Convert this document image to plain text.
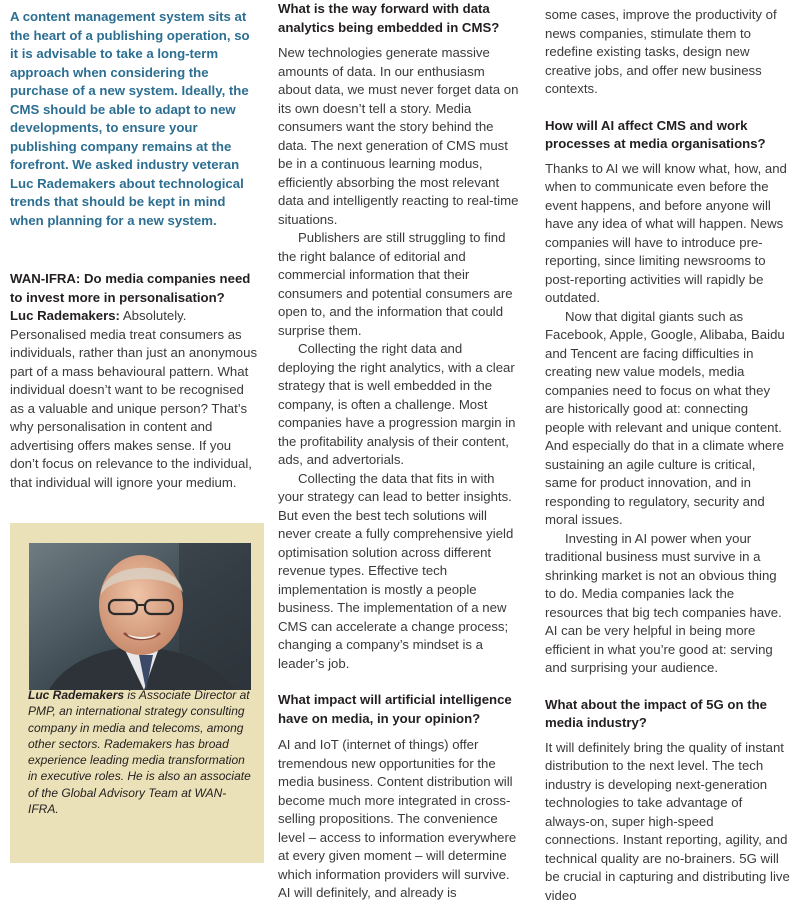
A content management system sits at the heart of a publishing operation, so it is advisable to take a long-term approach when considering the purchase of a new system. Ideally, the CMS should be able to adapt to new developments, to ensure your publishing company remains at the forefront. We asked industry veteran Luc Rademakers about technological trends that should be kept in mind when planning for a new system.
WAN-IFRA: Do media companies need to invest more in personalisation?

Luc Rademakers: Absolutely. Personalised media treat consumers as individuals, rather than just an anonymous part of a mass behavioural pattern. What individual doesn’t want to be recognised as a valuable and unique person? That’s why personalisation in content and advertising offers makes sense. If you don’t focus on relevance to the individual, that individual will ignore your medium.

Luc Rademakers is Associate Director at PMP, an international strategy consulting company in media and telecoms, among other sectors. Rademakers has broad experience leading media transformation in executive roles. He is also an associate of the Global Advisory Team at WAN-IFRA.
What is the way forward with data analytics being embedded in CMS?

New technologies generate massive amounts of data. In our enthusiasm about data, we must never forget data on its own doesn’t tell a story. Media consumers want the story behind the data. The next generation of CMS must be in a continuous learning modus, efficiently absorbing the most relevant data and intelligently reacting to real-time situations.

Publishers are still struggling to find the right balance of editorial and commercial information that their consumers and potential consumers are open to, and the information that could surprise them.

Collecting the right data and deploying the right analytics, with a clear strategy that is well embedded in the company, is often a challenge. Most companies have a progression margin in the profitability analysis of their content, ads, and advertorials.

Collecting the data that fits in with your strategy can lead to better insights. But even the best tech solutions will never create a fully comprehensive yield optimisation solution across different revenue types. Effective tech implementation is mostly a people business. The implementation of a new CMS can accelerate a change process; changing a company’s mindset is a leader’s job.

What impact will artificial intelligence have on media, in your opinion?

AI and IoT (internet of things) offer tremendous new opportunities for the media business. Content distribution will become much more integrated in cross-selling propositions. The convenience level – access to information everywhere at every given moment – will determine which information providers will survive. AI will definitely, and already is

some cases, improve the productivity of news companies, stimulate them to redefine existing tasks, design new creative jobs, and offer new business contexts.

How will AI affect CMS and work processes at media organisations?

Thanks to AI we will know what, how, and when to communicate even before the event happens, and before anyone will have any idea of what will happen. News companies will have to introduce pre-reporting, since limiting newsrooms to post-reporting activities will rapidly be outdated.

Now that digital giants such as Facebook, Apple, Google, Alibaba, Baidu and Tencent are facing difficulties in creating new value models, media companies need to focus on what they are historically good at: connecting people with relevant and unique content. And especially do that in a climate where sustaining an agile culture is critical, same for product innovation, and in responding to regulatory, security and moral issues.

Investing in AI power when your traditional business must survive in a shrinking market is not an obvious thing to do. Media companies lack the resources that big tech companies have. AI can be very helpful in being more efficient in what you’re good at: serving and surprising your audience.

What about the impact of 5G on the media industry?

It will definitely bring the quality of instant distribution to the next level. The tech industry is developing next-generation technologies to take advantage of always-on, super high-speed connections. Instant reporting, agility, and technical quality are no-brainers. 5G will be crucial in capturing and distributing live video
